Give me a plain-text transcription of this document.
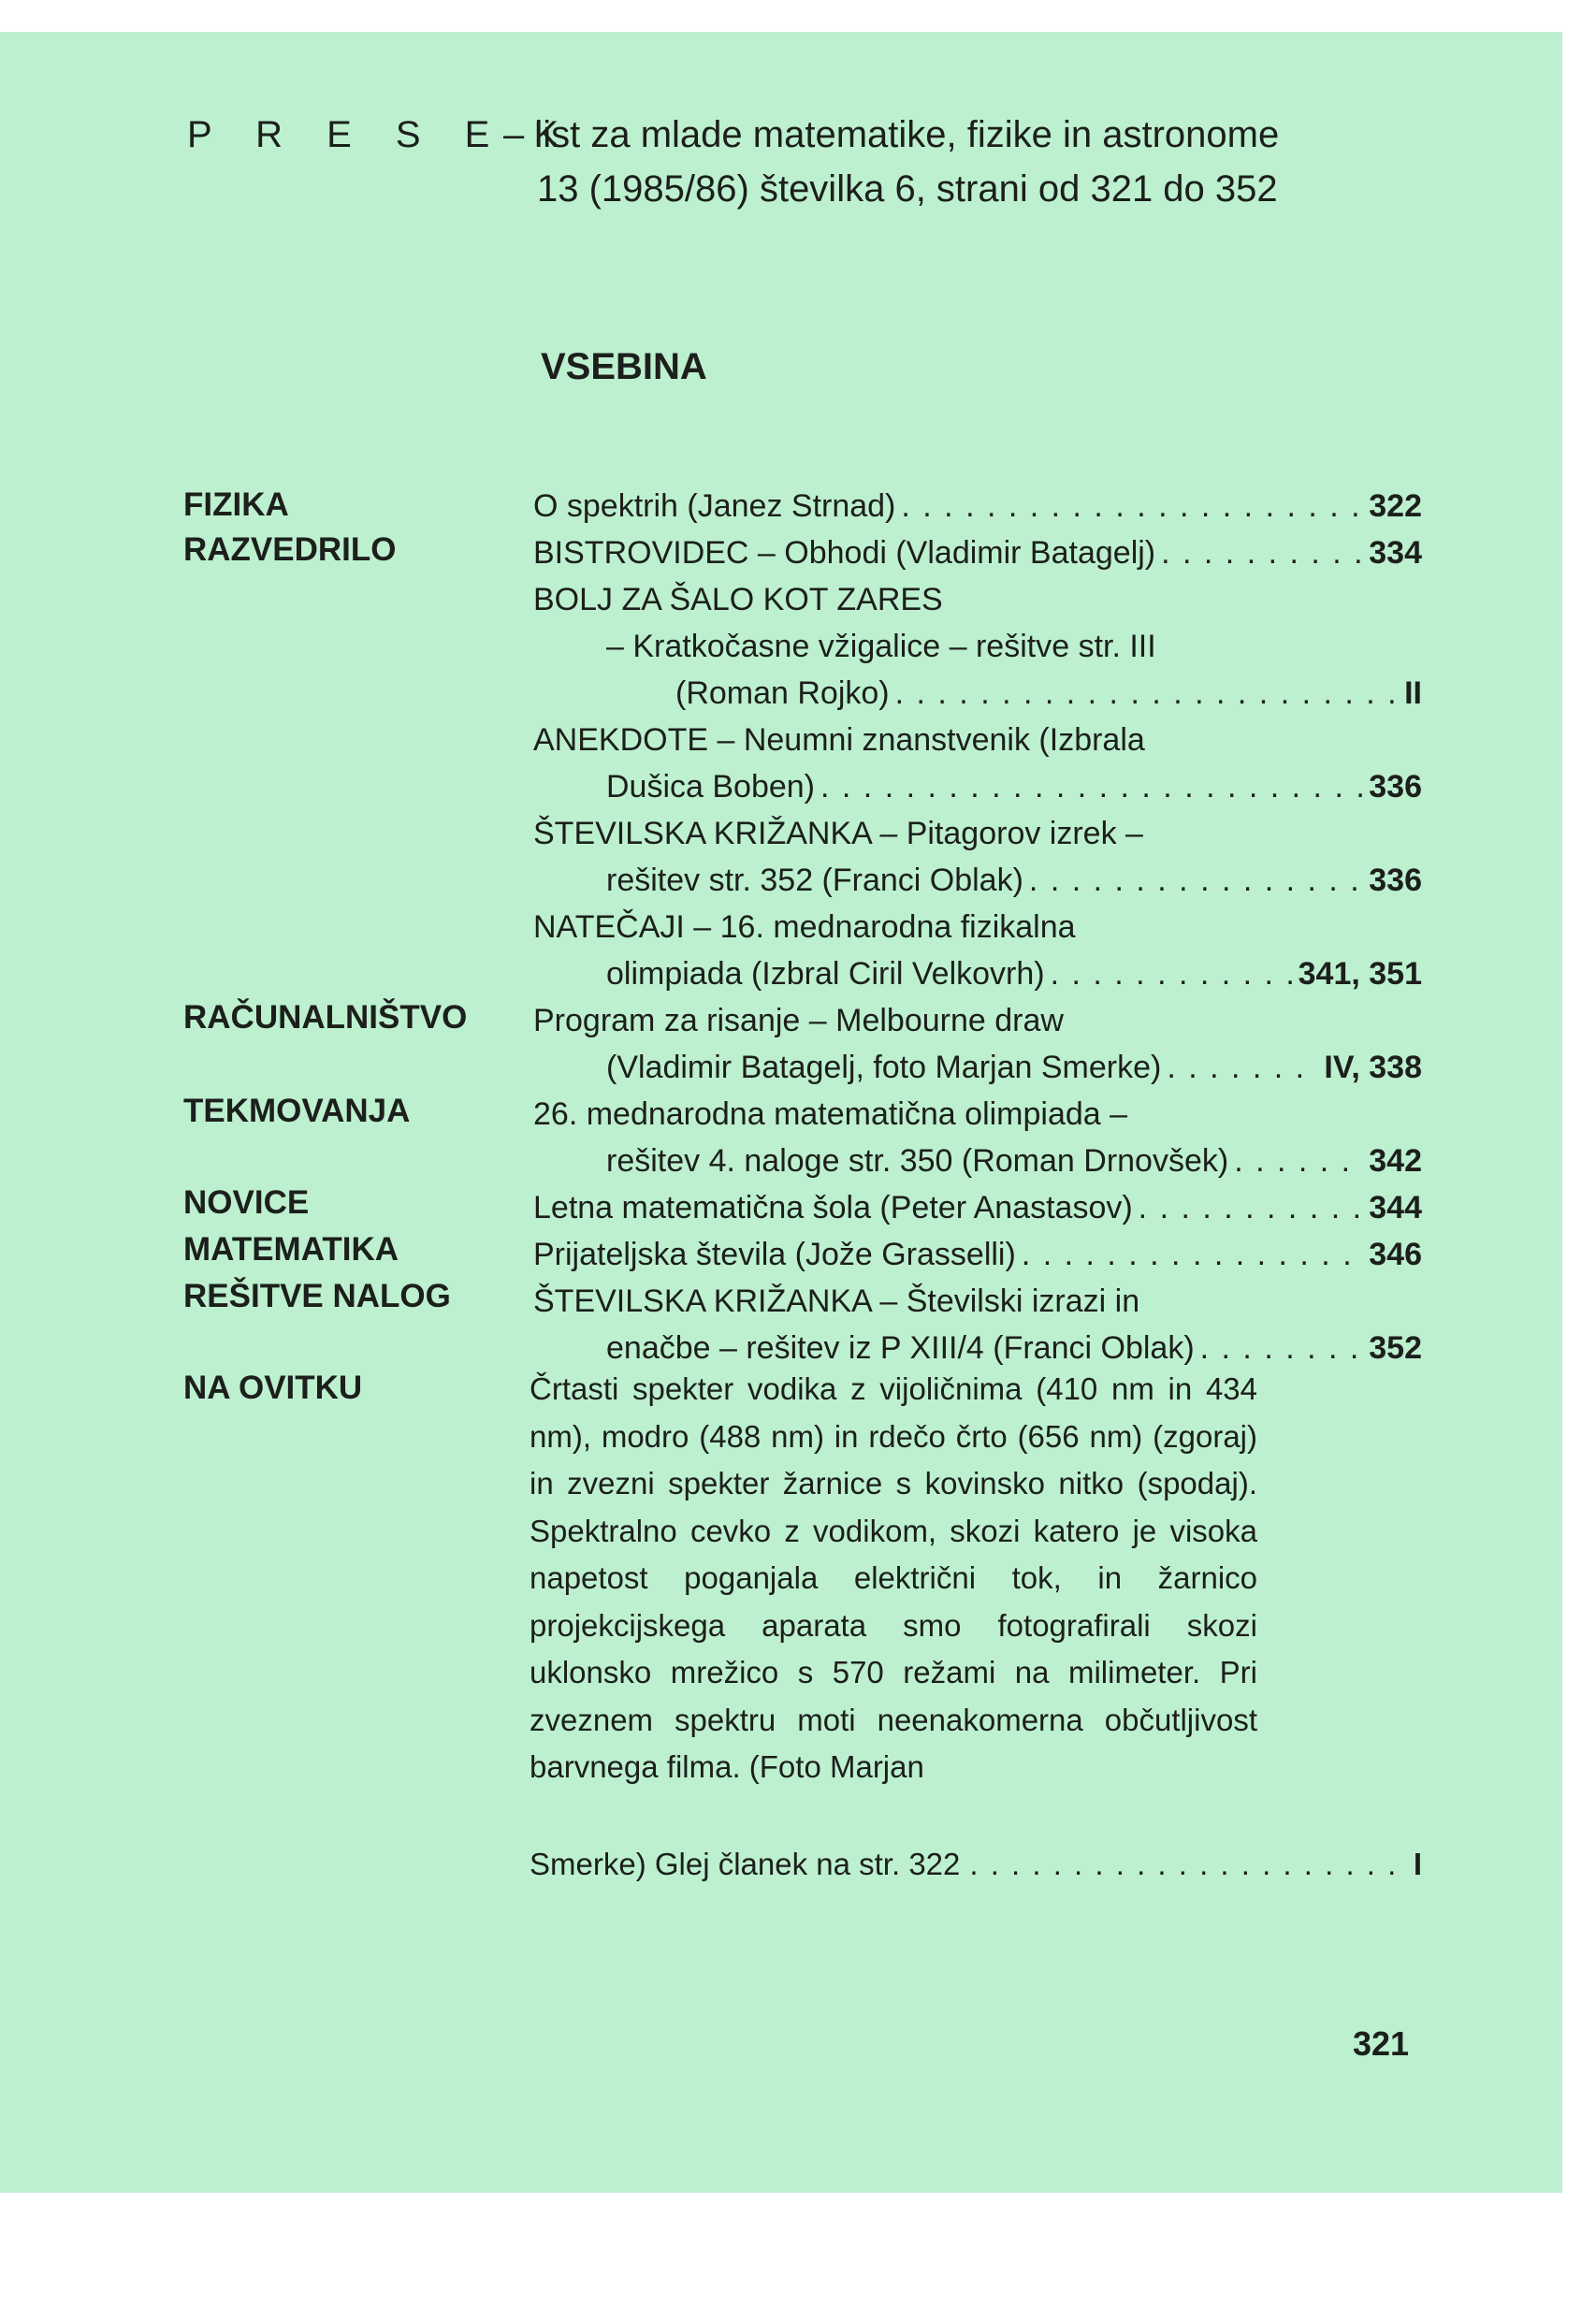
P R E S E K
– list za mlade matematike, fizike in astronome
13 (1985/86) številka 6, strani od 321 do 352
VSEBINA
FIZIKA
RAZVEDRILO
RAČUNALNIŠTVO
TEKMOVANJA
NOVICE
MATEMATIKA
REŠITVE NALOG
NA OVITKU
O spektrih (Janez Strnad) . . .	322
BISTROVIDEC – Obhodi (Vladimir Batagelj) . . .	334
BOLJ ZA ŠALO KOT ZARES
– Kratkočasne vžigalice – rešitve str. III
(Roman Rojko) . . .	II
ANEKDOTE – Neumni znanstvenik (Izbrala
Dušica Boben) . . .	336
ŠTEVILSKA KRIŽANKA – Pitagorov izrek –
rešitev str. 352 (Franci Oblak) . . .	336
NATEČAJI – 16. mednarodna fizikalna
olimpiada (Izbral Ciril Velkovrh) . . .	341, 351
Program za risanje – Melbourne draw
(Vladimir Batagelj, foto Marjan Smerke) . . .	IV, 338
26. mednarodna matematična olimpiada –
rešitev 4. naloge str. 350 (Roman Drnovšek) . . .	342
Letna matematična šola (Peter Anastasov) . . .	344
Prijateljska števila (Jože Grasselli) . . .	346
ŠTEVILSKA KRIŽANKA – Številski izrazi in
enačbe – rešitev iz P XIII/4 (Franci Oblak) . . .	352
Črtasti spekter vodika z vijoličnima (410 nm in 434 nm), modro (488 nm) in rdečo črto (656 nm) (zgoraj) in zvezni spekter žarnice s kovinsko nitko (spodaj). Spektralno cevko z vodikom, skozi katero je visoka napetost poganjala električni tok, in žarnico projekcijskega aparata smo fotografirali skozi uklonsko mrežico s 570 režami na milimeter. Pri zveznem spektru moti neenakomerna občutljivost barvnega filma. (Foto Marjan
Smerke) Glej članek na str. 322 . . .	I
321
